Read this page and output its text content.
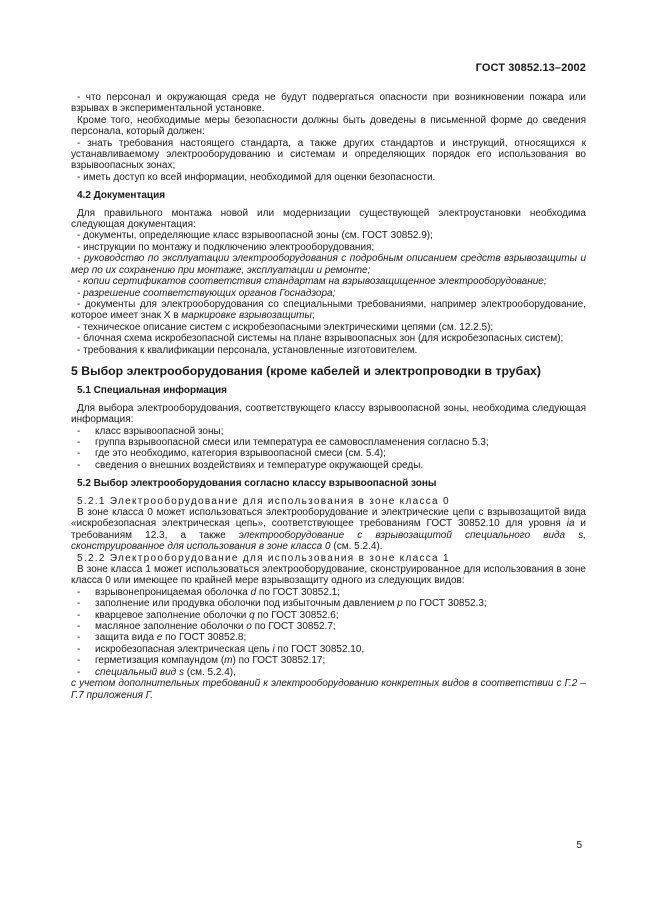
ГОСТ 30852.13–2002

- что персонал и окружающая среда не будут подвергаться опасности при возникновении пожара или взрывах в экспериментальной установке.

Кроме того, необходимые меры безопасности должны быть доведены в письменной форме до сведения персонала, который должен:

- знать требования настоящего стандарта, а также других стандартов и инструкций, относящихся к устанавливаемому электрооборудованию и системам и определяющих порядок его использования во взрывоопасных зонах;

- иметь доступ ко всей информации, необходимой для оценки безопасности.

4.2 Документация

Для правильного монтажа новой или модернизации существующей электроустановки необходима следующая документация:

- документы, определяющие класс взрывоопасной зоны (см. ГОСТ 30852.9);

- инструкции по монтажу и подключению электрооборудования;

- руководство по эксплуатации электрооборудования с подробным описанием средств взрывозащиты и мер по их сохранению при монтаже, эксплуатации и ремонте;

- копии сертификатов соответствия стандартам на взрывозащищенное электрооборудование;

- разрешение соответствующих органов Госнадзора;

- документы для электрооборудования со специальными требованиями, например электрооборудование, которое имеет знак X в маркировке взрывозащиты;

- техническое описание систем с искробезопасными электрическими цепями (см. 12.2.5);

- блочная схема искробезопасной системы на плане взрывоопасных зон (для искробезопасных систем);

- требования к квалификации персонала, установленные изготовителем.

5 Выбор электрооборудования (кроме кабелей и электропроводки в трубах)

5.1 Специальная информация

Для выбора электрооборудования, соответствующего классу взрывоопасной зоны, необходима следующая информация:

-	класс взрывоопасной зоны;
-	группа взрывоопасной смеси или температура ее самовоспламенения согласно 5.3;
-	где это необходимо, категория взрывоопасной смеси (см. 5.4);
-	сведения о внешних воздействиях и температуре окружающей среды.

5.2 Выбор электрооборудования согласно классу взрывоопасной зоны

5.2.1 Электрооборудование для использования в зоне класса 0

В зоне класса 0 может использоваться электрооборудование и электрические цепи с взрывозащитой вида «искробезопасная электрическая цепь», соответствующее требованиям ГОСТ 30852.10 для уровня ia и требованиям 12.3, а также электрооборудование с взрывозащитой специального вида s, сконструированное для использования в зоне класса 0 (см. 5.2.4).

5.2.2 Электрооборудование для использования в зоне класса 1

В зоне класса 1 может использоваться электрооборудование, сконструированное для использования в зоне класса 0 или имеющее по крайней мере взрывозащиту одного из следующих видов:

-	взрывонепроницаемая оболочка d по ГОСТ 30852.1;
-	заполнение или продувка оболочки под избыточным давлением p по ГОСТ 30852.3;
-	кварцевое заполнение оболочки q по ГОСТ 30852.6;
-	масляное заполнение оболочки o по ГОСТ 30852.7;
-	защита вида e по ГОСТ 30852.8;
-	искробезопасная электрическая цепь i по ГОСТ 30852.10,
-	герметизация компаундом (m) по ГОСТ 30852.17;
-	специальный вид s (см. 5.2.4),

с учетом дополнительных требований к электрооборудованию конкретных видов в соответствии с Г.2 – Г.7 приложения Г.

5
